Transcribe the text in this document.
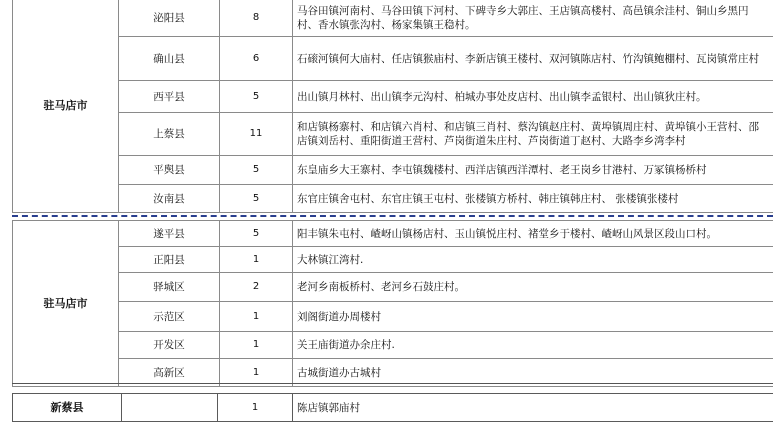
驻马店市	泌阳县	8	马谷田镇河南村、马谷田镇下河村、下碑寺乡大郭庄、王店镇高楼村、高邑镇余洼村、铜山乡黑円村、香水镇张沟村、杨家集镇王稳村。
	确山县	6	石磙河镇何大庙村、任店镇猴庙村、李新店镇王楼村、双河镇陈店村、竹沟镇鲍棚村、瓦岗镇常庄村
	西平县	5	出山镇月林村、出山镇李元沟村、柏城办事处皮店村、出山镇李孟银村、出山镇狄庄村。
	上蔡县	11	和店镇杨寨村、和店镇六肖村、和店镇三肖村、蔡沟镇赵庄村、黄埠镇周庄村、黄埠镇小王营村、邵店镇刘岳村、重阳街道王营村、芦岗街道朱庄村、芦岗街道丁赵村、大路李乡湾李村
	平舆县	5	东皇庙乡大王寨村、李屯镇魏楼村、西洋店镇西洋潭村、老王岗乡甘港村、万冢镇杨桥村
	汝南县	5	东官庄镇舍屯村、东官庄镇王屯村、张楼镇方桥村、韩庄镇韩庄村、 张楼镇张楼村
驻马店市	遂平县	5	阳丰镇朱屯村、嵖岈山镇杨店村、玉山镇悦庄村、褚堂乡于楼村、嵖岈山风景区段山口村。
	正阳县	1	大林镇江湾村.
	驿城区	2	老河乡南板桥村、老河乡石鼓庄村。
	示范区	1	刘阁街道办周楼村
	开发区	1	关王庙街道办余庄村.
	高新区	1	古城街道办古城村
新蔡县		1	陈店镇郭庙村
